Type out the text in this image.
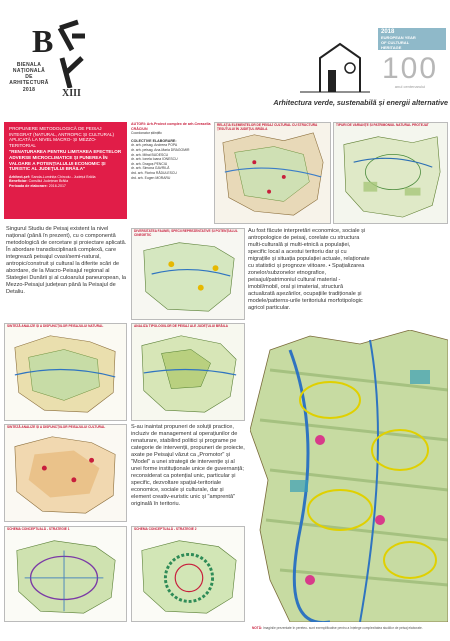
B
BIENALA
NAȚIONALĂ
DE
ARHITECTURĂ
2018	XIII
2018
EUROPEAN YEAR
OF CULTURAL
HERITAGE
100
anul centenarului
Arhitectura verde, sustenabilă și energii alternative
PROPUNERE METODOLOGICĂ DE PEISAJ INTEGRAT (NATURAL, ANTROPIC ȘI CULTURAL) APLICATĂ LA NIVEL MACRO- ȘI MEZZO-TERITORIAL
"RENATURAREA PENTRU LIMITAREA EFECTELOR ADVERSE MICROCLIMATICE ȘI PUNEREA ÎN VALOARE A POTENȚIALULUI ECONOMIC ȘI TURISTIC AL JUDEȚULUI BRĂILA"
Arhitect-șef: Sanda-Luminița Chircoiu - Județul Brăila
Beneficiar: Consiliul Județean Brăila
Perioada de elaborare: 2016-2017
AUTORI: Arh.Proiect complex de arh.Cerasella CRĂCIUN
Coordonator științific
COLECTIVE ELABORARE:
dr. arh. peisag. Andreea POPA
dr. arh. peisag. Ana-Maria DRAGOMIR
dr. arh. Mihai BUDESCU
dr. arh. Ionela Ioana IONESCU
dr. arh. Dragoș PENCIU
dr. arh. Simona GAVRILĂ
drd. arh. Florina RĂDULESCU
drd. arh. Eugen MORARU
RELAȚIA ELEMENTELOR DE PEISAJ CULTURAL CU STRUCTURA ȚESUTULUI ÎN JUDEȚUL BRĂILA
TIPURI DE VARIANȚE ȘI PATRIMONIUL NATURAL PROTEJAT
Singurul Studiu de Peisaj existent la nivel național (până în prezent), cu o componentă metodologică de cercetare și proiectare aplicată. În abordare transdisciplinară complexă, care integrează peisajul cvasi/semi-natural, antropic/construit și cultural la diferite scări de abordare, de la Macro-Peisajul regional al Stategiei Dunării și al culoarului paneuropean, la Mezzo-Peisajul județean până la Peisajul de Detaliu.
DIVERSITATEA FAUNEI, SPECII REPREZENTATIVE ȘI POTENȚIALUL CINEGETIC
Au fost făcute interpretări economice, sociale și antropologice de peisaj, corelate cu structura multi-culturală și multi-etnică a populației, specific local a acestui teritoriu dar și cu migrațiile și situația populației actuale, relaționate cu statistici și prognoze viitoare. • Spațializarea zonelor/subzonelor etnografice, peisajul/patrimoniul cultural material - imobil/mobil, oral și imaterial, structură actualizată așezărilor, ocupațiile tradiționale și modele/patterns-urile teritoriului morfotipologic agricol particular.
SINTEZĂ ANALIZE ȘI A DISFUNCȚIILOR PEISAJULUI NATURAL	ANALIZA TIPOLOGIILOR DE PEISAJ ALE JUDEȚULUI BRĂILA
SINTEZĂ ANALIZE ȘI A DISFUNCȚIILOR PEISAJULUI CULTURAL	S-au inaintat propuneri de soluții practice, incluziv de management al operațiunilor de renaturare, stabilind politici și programe pe categorie de intervenții, propuneri de proiecte, axate pe Peisajul văzut ca „Promotor" și "Model" a unei strategii de intervenție și al unei forme instituționale unice de guvernanță; reconsiderat ca potențial unic, particular și specific, dezvoltare spațial-teritoriale economice, sociale și culturale, dar și element creativ-euristic unic și "amprentă" originală în teritoriu.
SCHEMA CONCEPTUALĂ - STRATEGIE 1	SCHEMA CONCEPTUALĂ - STRATEGIE 2
NOTĂ: Imaginile prezentate în pereteo- sunt exemplificative pentru a înțelege complexitatea studiilor de peisaj elaborate.
